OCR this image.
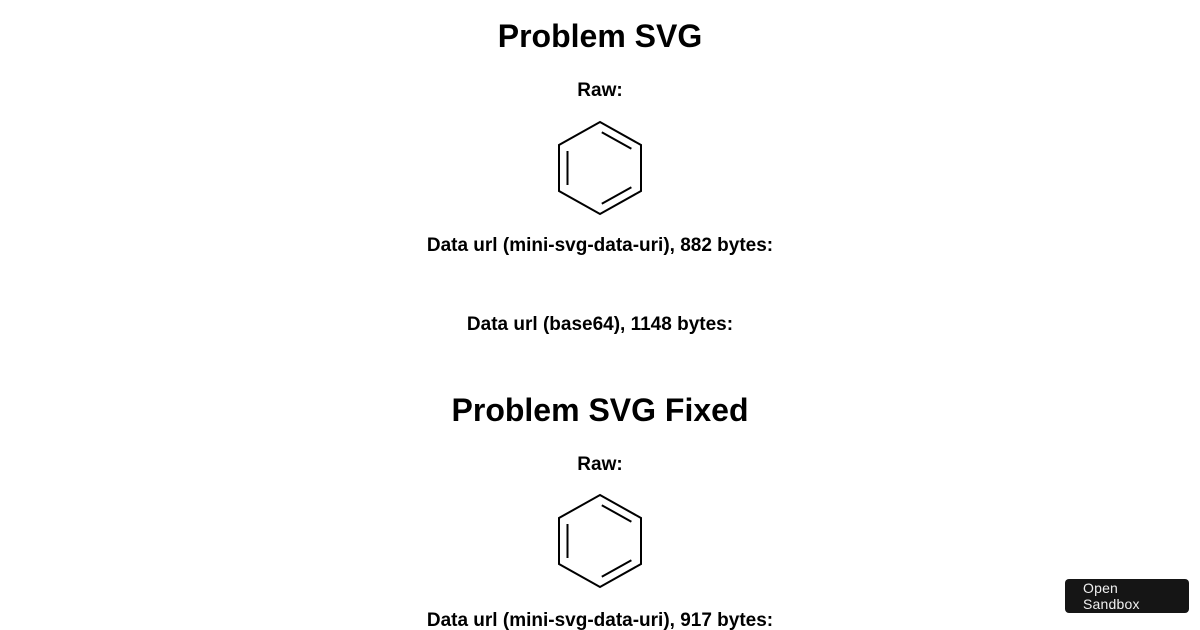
Problem SVG
Raw:
Data url (mini-svg-data-uri), 882 bytes:
Data url (base64), 1148 bytes:
Problem SVG Fixed
Raw:
Data url (mini-svg-data-uri), 917 bytes:
Open Sandbox
